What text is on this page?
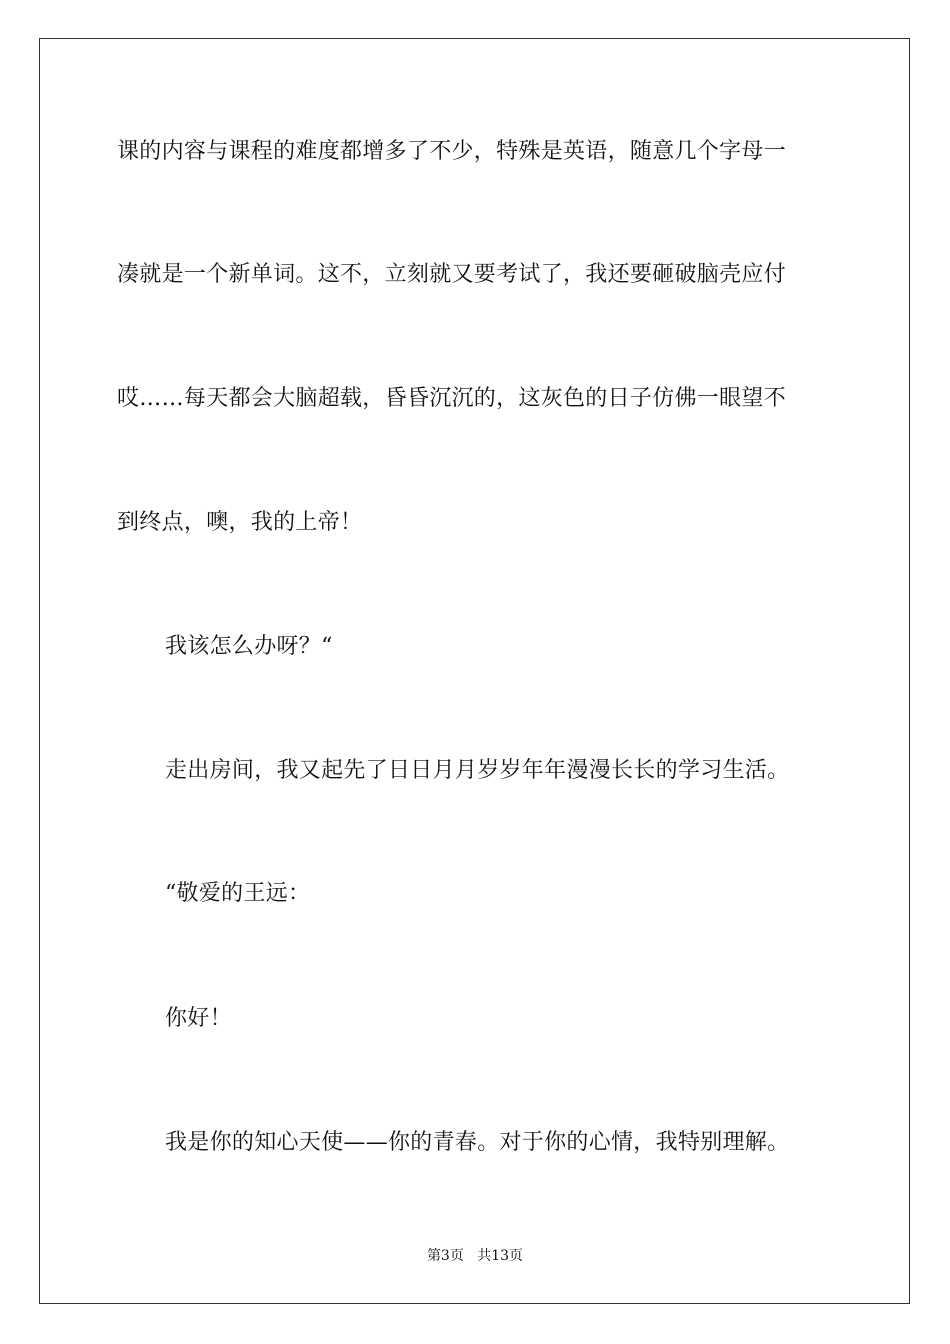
课的内容与课程的难度都增多了不少，特殊是英语，随意几个字母一
凑就是一个新单词。这不，立刻就又要考试了，我还要砸破脑壳应付
哎……每天都会大脑超载，昏昏沉沉的，这灰色的日子仿佛一眼望不
到终点，噢，我的上帝！
我该怎么办呀？“
走出房间，我又起先了日日月月岁岁年年漫漫长长的学习生活。
“敬爱的王远：
你好！
我是你的知心天使——你的青春。对于你的心情，我特别理解。
第3页 共13页
